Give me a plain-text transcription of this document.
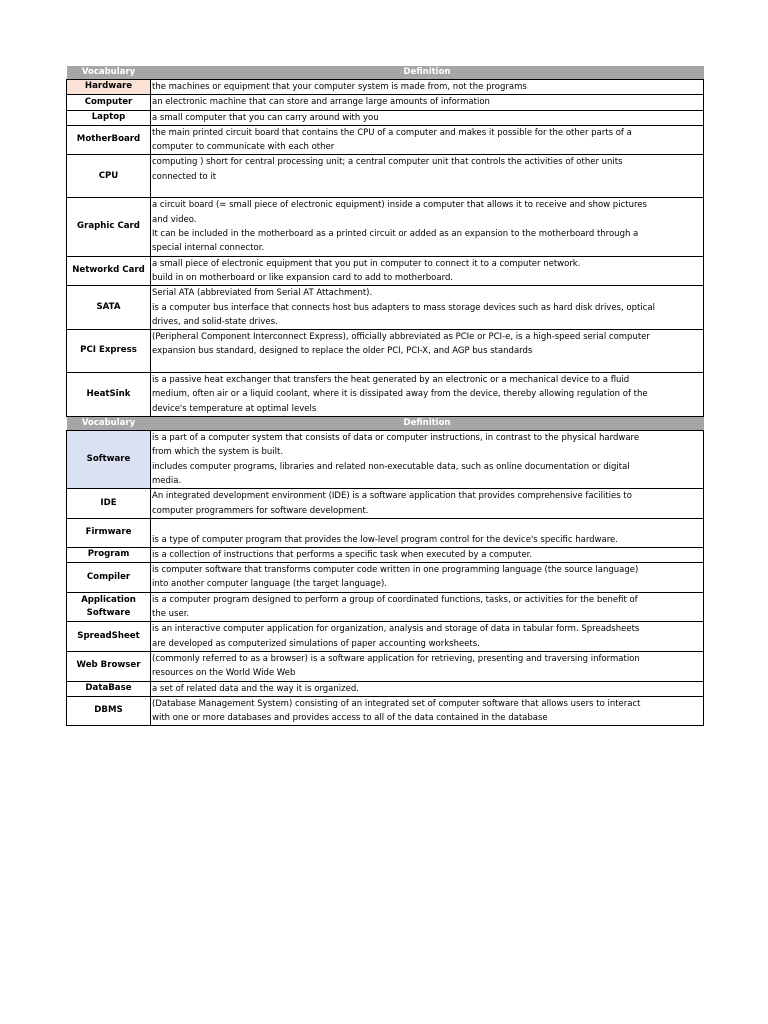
Vocabulary	Definition
Hardware	the machines or equipment that your computer system is made from, not the programs
Computer	an electronic machine that can store and arrange large amounts of information
Laptop	a small computer that you can carry around with you
MotherBoard	the main printed circuit board that contains the CPU of a computer and makes it possible for the other parts of a
computer to communicate with each other
CPU	computing ) short for central processing unit; a central computer unit that controls the activities of other units
connected to it
Graphic Card	a circuit board (= small piece of electronic equipment) inside a computer that allows it to receive and show pictures
and video.
It can be included in the motherboard as a printed circuit or added as an expansion to the motherboard through a
special internal connector.
Networkd Card	a small piece of electronic equipment that you put in computer to connect it to a computer network.
build in on motherboard or like expansion card to add to motherboard.
SATA	Serial ATA (abbreviated from Serial AT Attachment).
is a computer bus interface that connects host bus adapters to mass storage devices such as hard disk drives, optical
drives, and solid-state drives.
PCI Express	(Peripheral Component Interconnect Express), officially abbreviated as PCIe or PCI-e, is a high-speed serial computer
expansion bus standard, designed to replace the older PCI, PCI-X, and AGP bus standards
HeatSink	is a passive heat exchanger that transfers the heat generated by an electronic or a mechanical device to a fluid
medium, often air or a liquid coolant, where it is dissipated away from the device, thereby allowing regulation of the
device's temperature at optimal levels
Vocabulary	Definition
Software	is a part of a computer system that consists of data or computer instructions, in contrast to the physical hardware
from which the system is built.
includes computer programs, libraries and related non-executable data, such as online documentation or digital
media.
IDE	An integrated development environment (IDE) is a software application that provides comprehensive facilities to
computer programmers for software development.
Firmware	is a type of computer program that provides the low-level program control for the device's specific hardware.
Program	is a collection of instructions that performs a specific task when executed by a computer.
Compiler	is computer software that transforms computer code written in one programming language (the source language)
into another computer language (the target language).
Application
Software	is a computer program designed to perform a group of coordinated functions, tasks, or activities for the benefit of
the user.
SpreadSheet	is an interactive computer application for organization, analysis and storage of data in tabular form. Spreadsheets
are developed as computerized simulations of paper accounting worksheets.
Web Browser	(commonly referred to as a browser) is a software application for retrieving, presenting and traversing information
resources on the World Wide Web
DataBase	a set of related data and the way it is organized.
DBMS	(Database Management System) consisting of an integrated set of computer software that allows users to interact
with one or more databases and provides access to all of the data contained in the database
